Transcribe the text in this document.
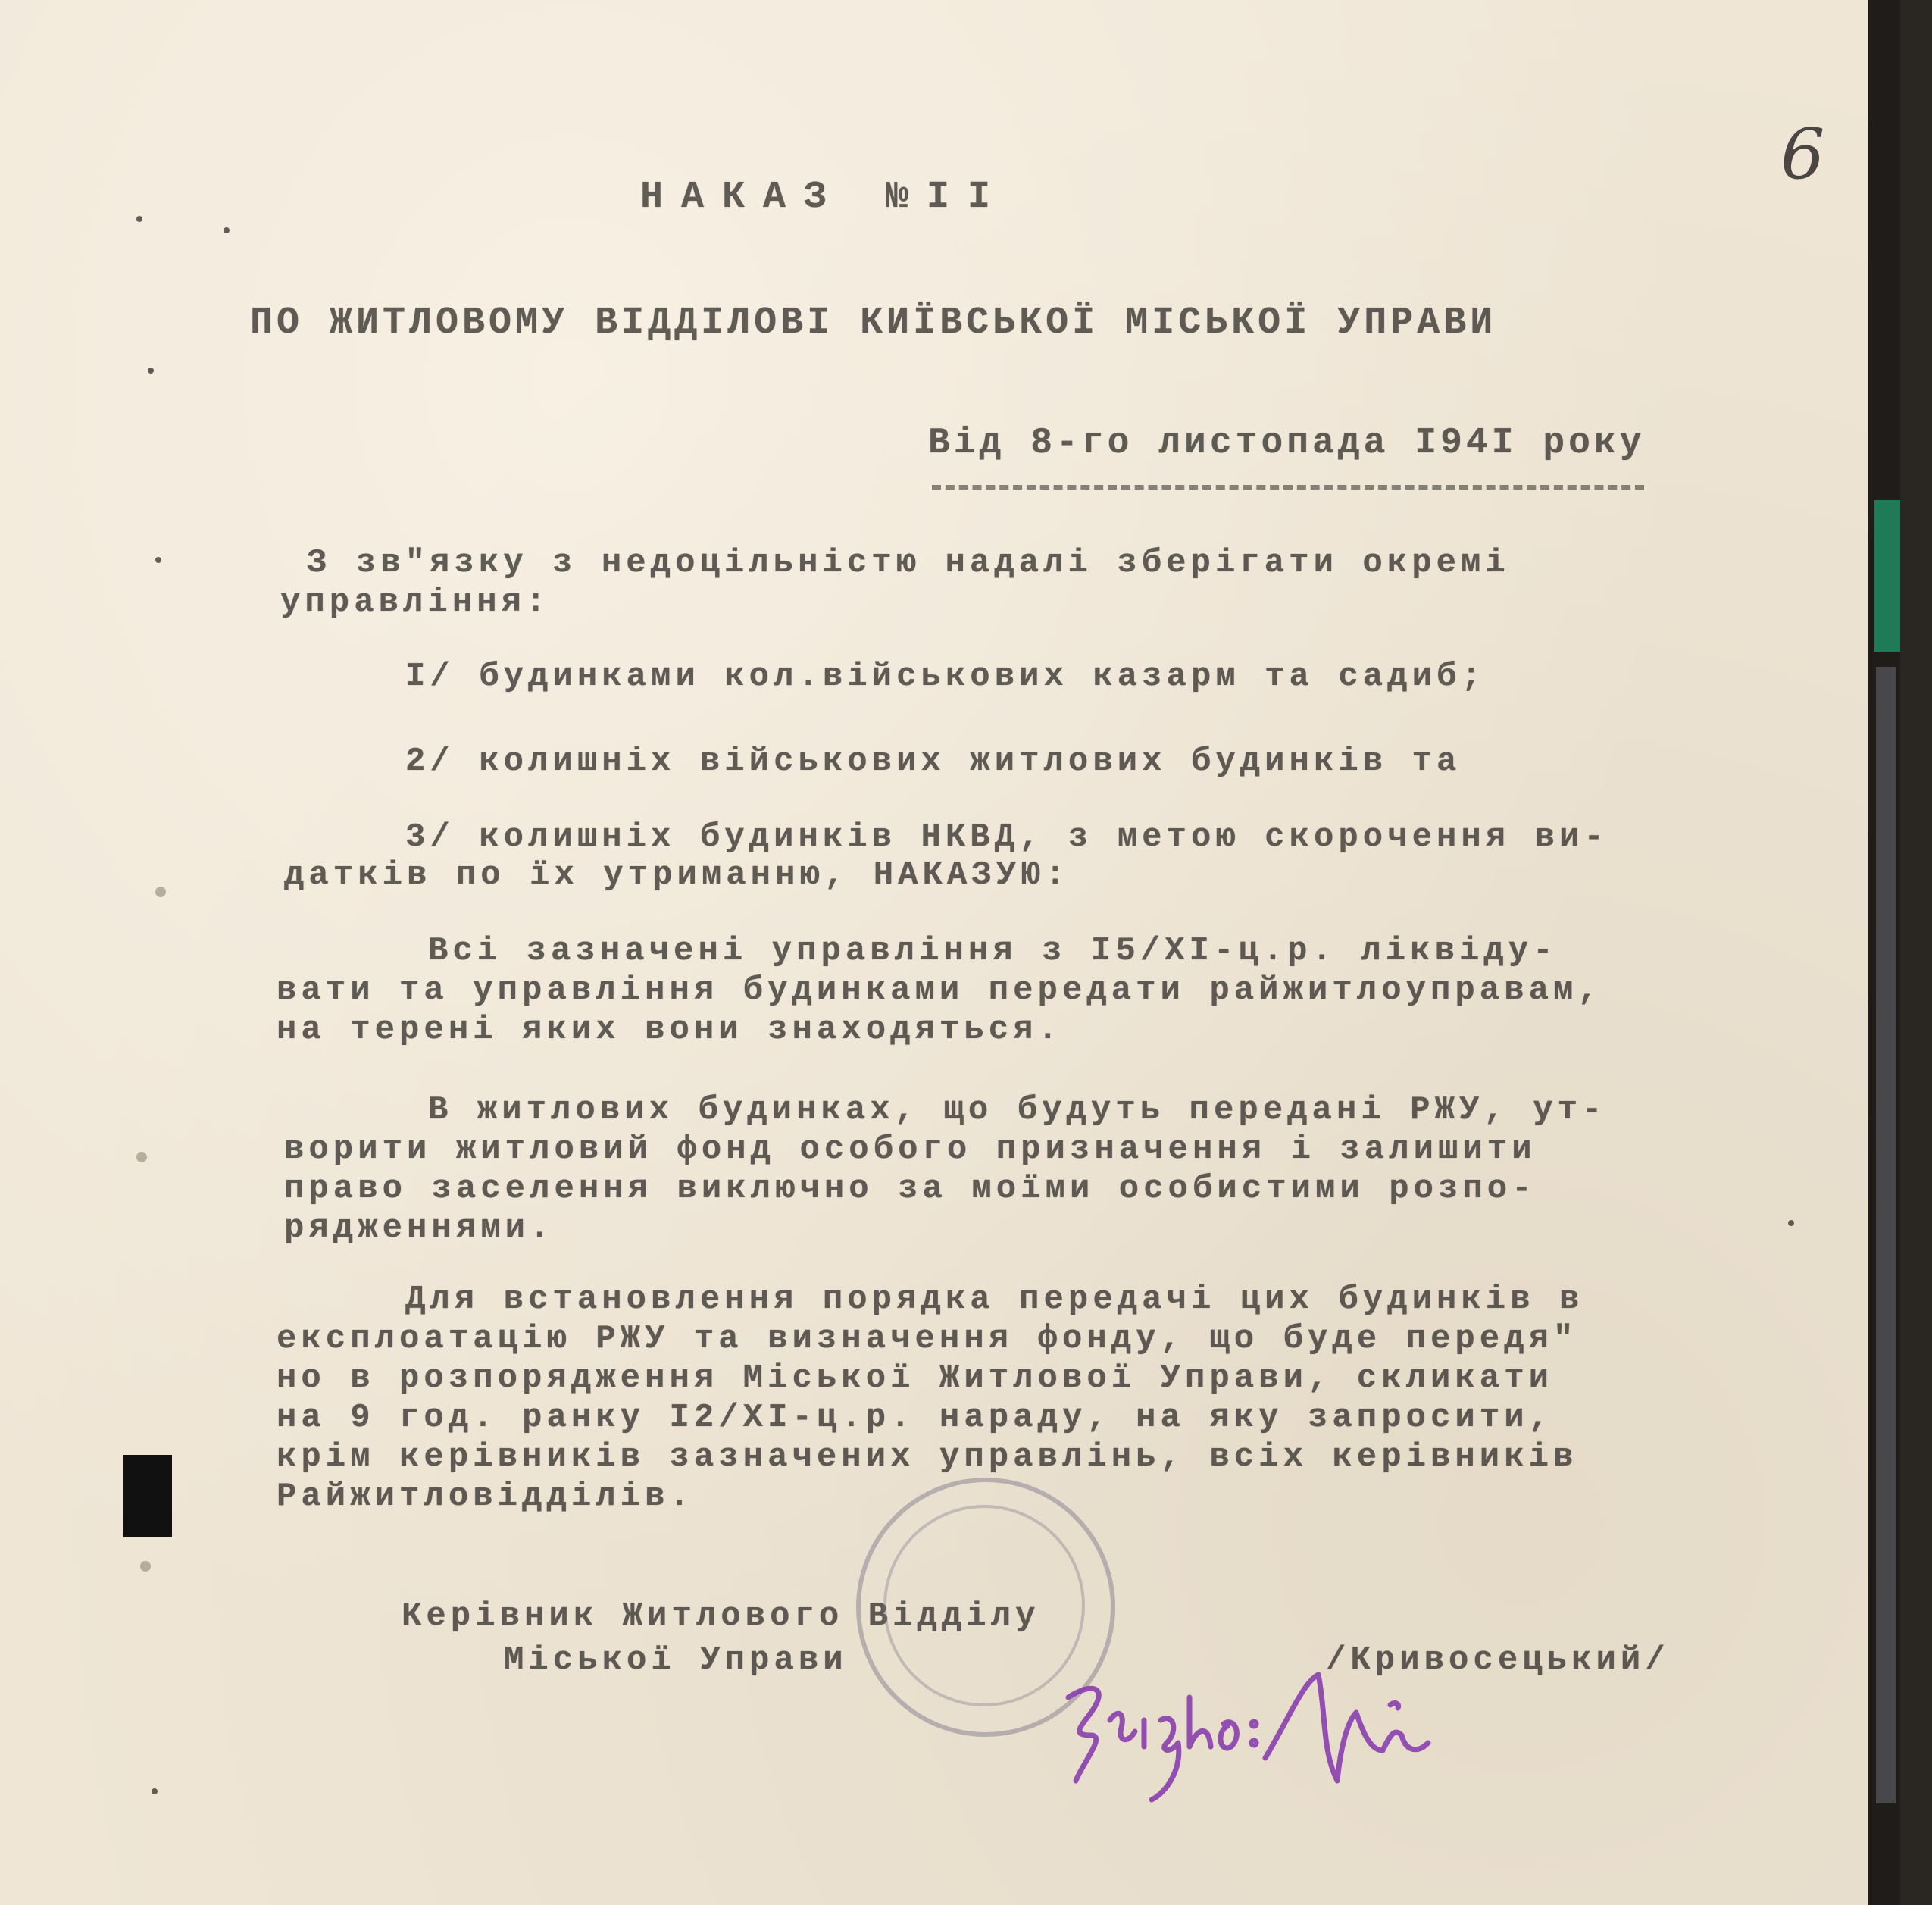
6
НАКАЗ №II
ПО ЖИТЛОВОМУ ВІДДІЛОВІ КИЇВСЬКОЇ МІСЬКОЇ УПРАВИ
Від 8-го листопада I94I року
З зв"язку з недоцільністю надалі зберігати окремі
управління:
I/ будинками кол.військових казарм та садиб;
2/ колишніх військових житлових будинків та
3/ колишніх будинків НКВД, з метою скорочення ви-
датків по їх утриманню, НАКАЗУЮ:
Всі зазначені управління з I5/XI-ц.р. ліквіду-
вати та управління будинками передати райжитлоуправам,
на терені яких вони знаходяться.
В житлових будинках, що будуть передані РЖУ, ут-
ворити житловий фонд особого призначення і залишити
право заселення виключно за моїми особистими розпо-
рядженнями.
Для встановлення порядка передачі цих будинків в
експлоатацію РЖУ та визначення фонду, що буде передя"
но в розпорядження Міської Житлової Управи, скликати
на 9 год. ранку I2/XI-ц.р. нараду, на яку запросити,
крім керівників зазначених управлінь, всіх керівників
Райжитловідділів.
Керівник Житлового Відділу
Міської Управи	/Кривосецький/
